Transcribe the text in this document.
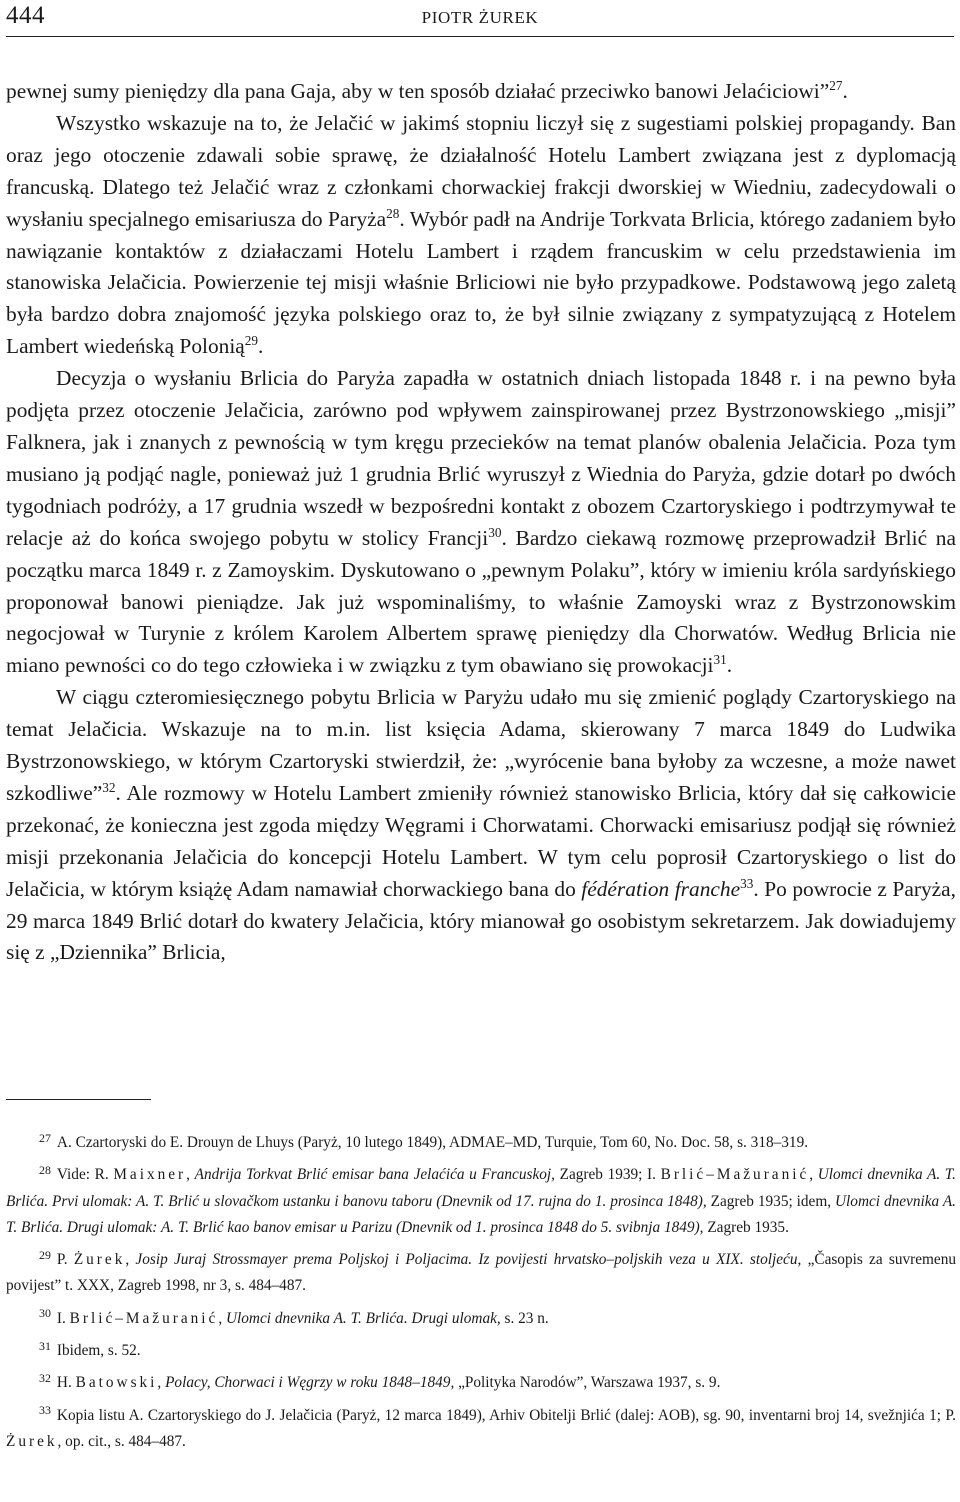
444	PIOTR ŻUREK

pewnej sumy pieniędzy dla pana Gaja, aby w ten sposób działać przeciwko banowi Jelaćiciowi”$^{27}$.

Wszystko wskazuje na to, że Jelačić w jakimś stopniu liczył się z sugestiami polskiej propagandy. Ban oraz jego otoczenie zdawali sobie sprawę, że działalność Hotelu Lambert związana jest z dyplomacją francuską. Dlatego też Jelačić wraz z członkami chorwackiej frakcji dworskiej w Wiedniu, zadecydowali o wysłaniu specjalnego emisariusza do Paryża$^{28}$. Wybór padł na Andrije Torkvata Brlicia, którego zadaniem było nawiązanie kontaktów z działaczami Hotelu Lambert i rządem francuskim w celu przedstawienia im stanowiska Jelačicia. Powierzenie tej misji właśnie Brliciowi nie było przypadkowe. Podstawową jego zaletą była bardzo dobra znajomość języka polskiego oraz to, że był silnie związany z sympatyzującą z Hotelem Lambert wiedeńską Polonią$^{29}$.

Decyzja o wysłaniu Brlicia do Paryża zapadła w ostatnich dniach listopada 1848 r. i na pewno była podjęta przez otoczenie Jelačicia, zarówno pod wpływem zainspirowanej przez Bystrzonowskiego „misji” Falknera, jak i znanych z pewnością w tym kręgu przecieków na temat planów obalenia Jelačicia. Poza tym musiano ją podjąć nagle, ponieważ już 1 grudnia Brlić wyruszył z Wiednia do Paryża, gdzie dotarł po dwóch tygodniach podróży, a 17 grudnia wszedł w bezpośredni kontakt z obozem Czartoryskiego i podtrzymywał te relacje aż do końca swojego pobytu w stolicy Francji$^{30}$. Bardzo ciekawą rozmowę przeprowadził Brlić na początku marca 1849 r. z Zamoyskim. Dyskutowano o „pewnym Polaku”, który w imieniu króla sardyńskiego proponował banowi pieniądze. Jak już wspominaliśmy, to właśnie Zamoyski wraz z Bystrzonowskim negocjował w Turynie z królem Karolem Albertem sprawę pieniędzy dla Chorwatów. Według Brlicia nie miano pewności co do tego człowieka i w związku z tym obawiano się prowokacji$^{31}$.

W ciągu czteromiesięcznego pobytu Brlicia w Paryżu udało mu się zmienić poglądy Czartoryskiego na temat Jelačicia. Wskazuje na to m.in. list księcia Adama, skierowany 7 marca 1849 do Ludwika Bystrzonowskiego, w którym Czartoryski stwierdził, że: „wyrócenie bana byłoby za wczesne, a może nawet szkodliwe”$^{32}$. Ale rozmowy w Hotelu Lambert zmieniły również stanowisko Brlicia, który dał się całkowicie przekonać, że konieczna jest zgoda między Węgrami i Chorwatami. Chorwacki emisariusz podjął się również misji przekonania Jelačicia do koncepcji Hotelu Lambert. W tym celu poprosił Czartoryskiego o list do Jelačicia, w którym książę Adam namawiał chorwackiego bana do fédération franche$^{33}$. Po powrocie z Paryża, 29 marca 1849 Brlić dotarł do kwatery Jelačicia, który mianował go osobistym sekretarzem. Jak dowiadujemy się z „Dziennika” Brlicia,

$^{27}$ A. Czartoryski do E. Drouyn de Lhuys (Paryż, 10 lutego 1849), ADMAE–MD, Turquie, Tom 60, No. Doc. 58, s. 318–319.

$^{28}$ Vide: R. Maixner, Andrija Torkvat Brlić emisar bana Jelaćića u Francuskoj, Zagreb 1939; I. Brlić–Mažuranić, Ulomci dnevnika A. T. Brlića. Prvi ulomak: A. T. Brlić u slovačkom ustanku i banovu taboru (Dnevnik od 17. rujna do 1. prosinca 1848), Zagreb 1935; idem, Ulomci dnevnika A. T. Brlića. Drugi ulomak: A. T. Brlić kao banov emisar u Parizu (Dnevnik od 1. prosinca 1848 do 5. svibnja 1849), Zagreb 1935.

$^{29}$ P. Żurek, Josip Juraj Strossmayer prema Poljskoj i Poljacima. Iz povijesti hrvatsko–poljskih veza u XIX. stoljeću, „Časopis za suvremenu povijest” t. XXX, Zagreb 1998, nr 3, s. 484–487.

$^{30}$ I. Brlić–Mažuranić, Ulomci dnevnika A. T. Brlića. Drugi ulomak, s. 23 n.

$^{31}$ Ibidem, s. 52.

$^{32}$ H. Batowski, Polacy, Chorwaci i Węgrzy w roku 1848–1849, „Polityka Narodów”, Warszawa 1937, s. 9.

$^{33}$ Kopia listu A. Czartoryskiego do J. Jelačicia (Paryż, 12 marca 1849), Arhiv Obitelji Brlić (dalej: AOB), sg. 90, inventarni broj 14, svežnjića 1; P. Żurek, op. cit., s. 484–487.
